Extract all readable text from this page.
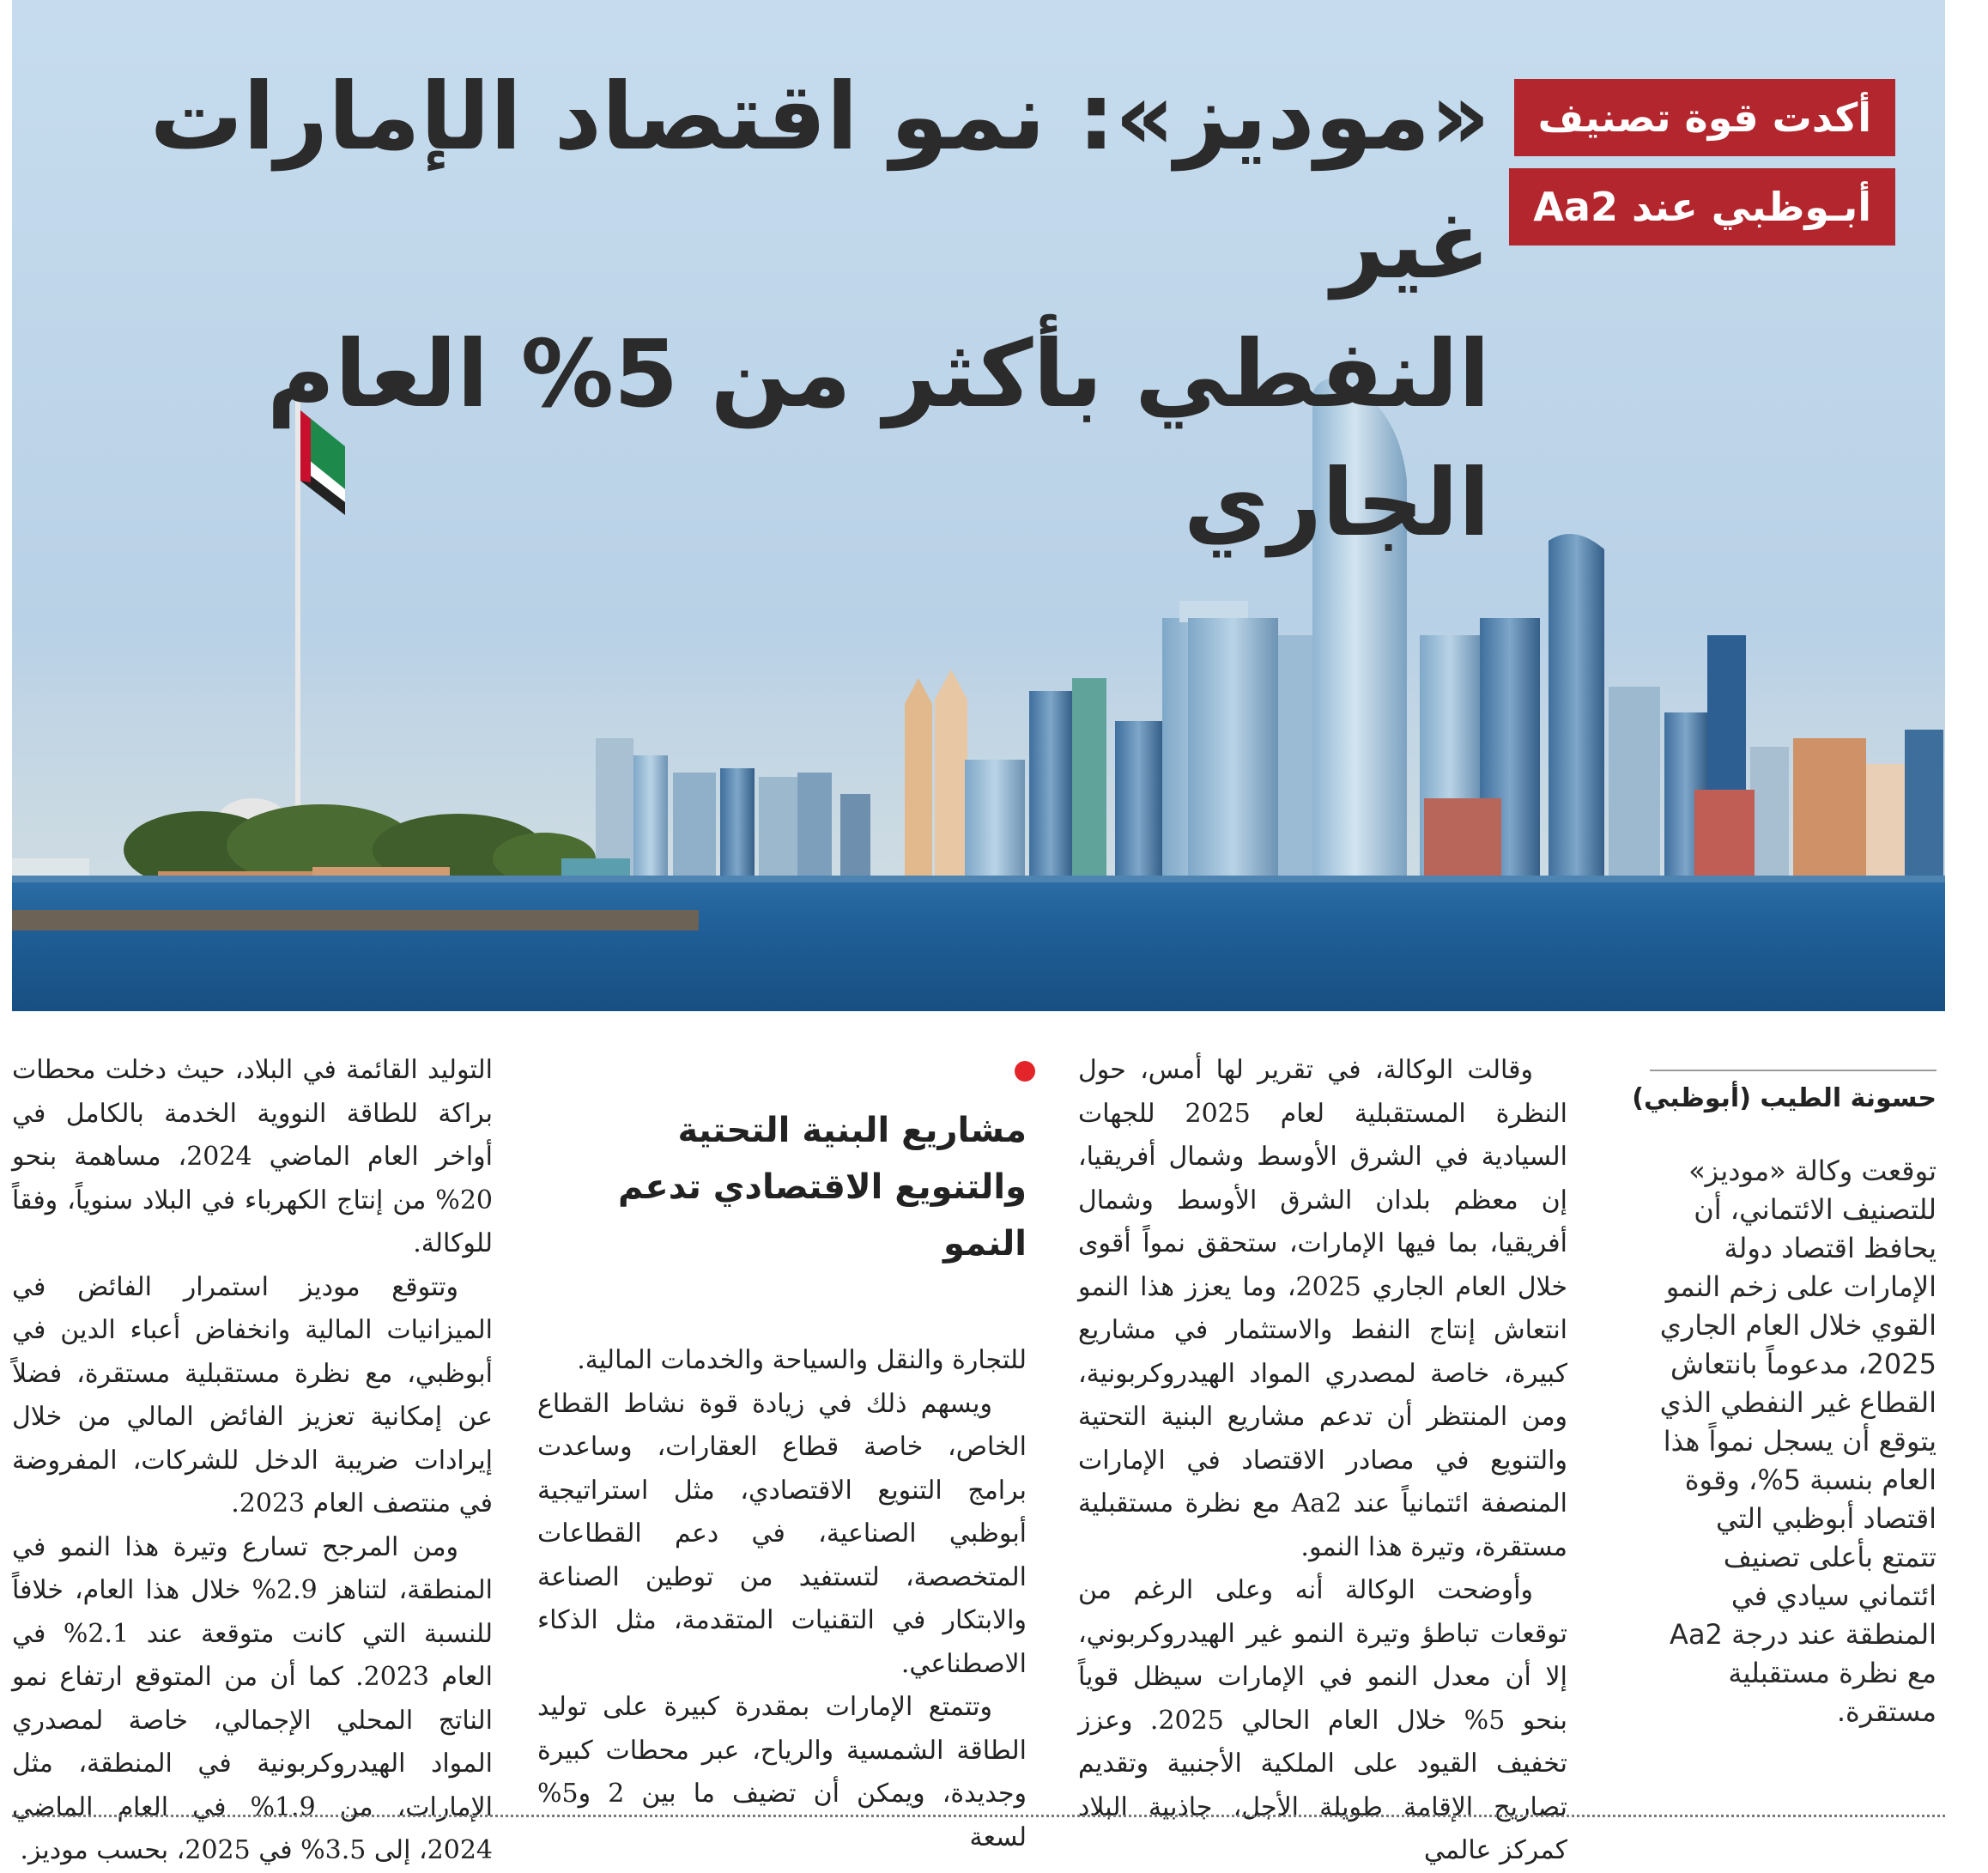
«موديز»: نمو اقتصاد الإمارات غير
النفطي بأكثر من 5% العام الجاري
أكدت قوة تصنيف
أبـوظبي عند Aa2

حسونة الطيب (أبوظبي)

توقعت وكالة «موديز» للتصنيف الائتماني، أن يحافظ اقتصاد دولة الإمارات على زخم النمو القوي خلال العام الجاري 2025، مدعوماً بانتعاش القطاع غير النفطي الذي يتوقع أن يسجل نمواً هذا العام بنسبة 5%، وقوة اقتصاد أبوظبي التي تتمتع بأعلى تصنيف ائتماني سيادي في المنطقة عند درجة Aa2 مع نظرة مستقبلية مستقرة.

وقالت الوكالة، في تقرير لها أمس، حول النظرة المستقبلية لعام 2025 للجهات السيادية في الشرق الأوسط وشمال أفريقيا، إن معظم بلدان الشرق الأوسط وشمال أفريقيا، بما فيها الإمارات، ستحقق نمواً أقوى خلال العام الجاري 2025، وما يعزز هذا النمو انتعاش إنتاج النفط والاستثمار في مشاريع كبيرة، خاصة لمصدري المواد الهيدروكربونية، ومن المنتظر أن تدعم مشاريع البنية التحتية والتنويع في مصادر الاقتصاد في الإمارات المنصفة ائتمانياً عند Aa2 مع نظرة مستقبلية مستقرة، وتيرة هذا النمو.

وأوضحت الوكالة أنه وعلى الرغم من توقعات تباطؤ وتيرة النمو غير الهيدروكربوني، إلا أن معدل النمو في الإمارات سيظل قوياً بنحو 5% خلال العام الحالي 2025. وعزز تخفيف القيود على الملكية الأجنبية وتقديم تصاريح الإقامة طويلة الأجل، جاذبية البلاد كمركز عالمي

مشاريع البنية التحتية والتنويع الاقتصادي تدعم النمو

للتجارة والنقل والسياحة والخدمات المالية.

ويسهم ذلك في زيادة قوة نشاط القطاع الخاص، خاصة قطاع العقارات، وساعدت برامج التنويع الاقتصادي، مثل استراتيجية أبوظبي الصناعية، في دعم القطاعات المتخصصة، لتستفيد من توطين الصناعة والابتكار في التقنيات المتقدمة، مثل الذكاء الاصطناعي.

وتتمتع الإمارات بمقدرة كبيرة على توليد الطاقة الشمسية والرياح، عبر محطات كبيرة وجديدة، ويمكن أن تضيف ما بين 2 و5% لسعة

التوليد القائمة في البلاد، حيث دخلت محطات براكة للطاقة النووية الخدمة بالكامل في أواخر العام الماضي 2024، مساهمة بنحو 20% من إنتاج الكهرباء في البلاد سنوياً، وفقاً للوكالة.

وتتوقع موديز استمرار الفائض في الميزانيات المالية وانخفاض أعباء الدين في أبوظبي، مع نظرة مستقبلية مستقرة، فضلاً عن إمكانية تعزيز الفائض المالي من خلال إيرادات ضريبة الدخل للشركات، المفروضة في منتصف العام 2023.

ومن المرجح تسارع وتيرة هذا النمو في المنطقة، لتناهز 2.9% خلال هذا العام، خلافاً للنسبة التي كانت متوقعة عند 2.1% في العام 2023. كما أن من المتوقع ارتفاع نمو الناتج المحلي الإجمالي، خاصة لمصدري المواد الهيدروكربونية في المنطقة، مثل الإمارات، من 1.9% في العام الماضي 2024، إلى 3.5% في 2025، بحسب موديز.
